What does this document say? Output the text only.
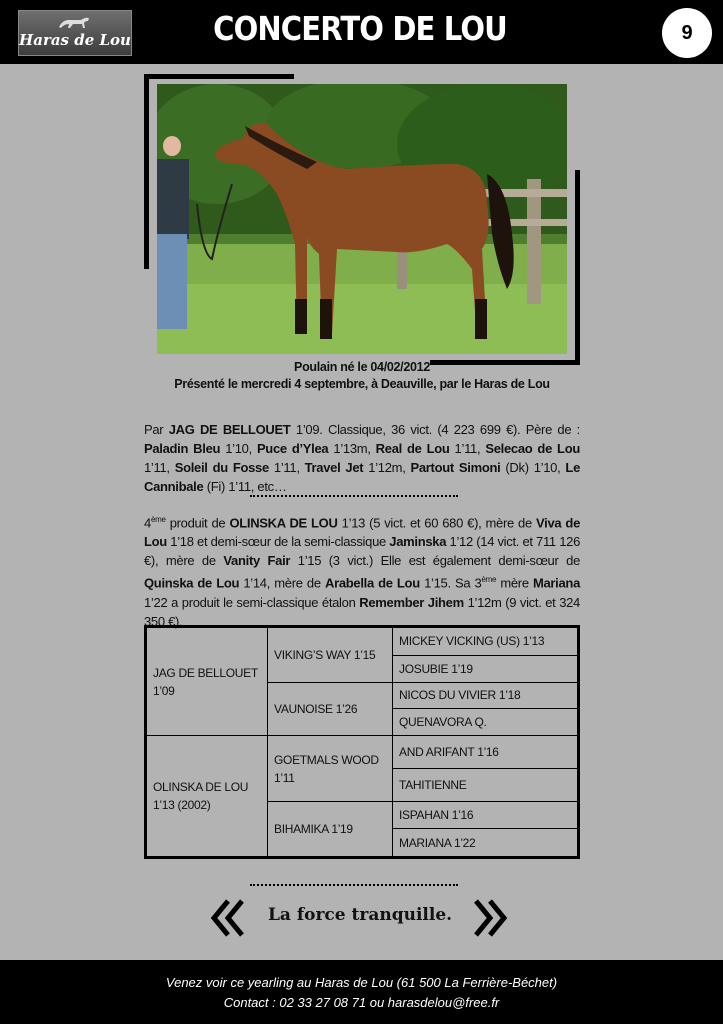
Haras de Lou	CONCERTO DE LOU	9
Poulain né le 04/02/2012
Présenté le mercredi 4 septembre, à Deauville, par le Haras de Lou
Par JAG DE BELLOUET 1’09. Classique, 36 vict. (4 223 699 €). Père de : Paladin Bleu 1’10, Puce d’Ylea 1’13m, Real de Lou 1’11, Selecao de Lou 1’11, Soleil du Fosse 1’11, Travel Jet 1’12m, Partout Simoni (Dk) 1’10, Le Cannibale (Fi) 1’11, etc…
4ème produit de OLINSKA DE LOU 1’13 (5 vict. et 60 680 €), mère de Viva de Lou 1’18 et demi-sœur de la semi-classique Jaminska 1’12 (14 vict. et 711 126 €), mère de Vanity Fair 1’15 (3 vict.) Elle est également demi-sœur de Quinska de Lou 1’14, mère de Arabella de Lou 1’15. Sa 3ème mère Mariana 1’22 a produit le semi-classique étalon Remember Jihem 1’12m (9 vict. et 324 350 €).
JAG DE BELLOUET 1’09	VIKING’S WAY 1’15	MICKEY VICKING (US) 1’13
		JOSUBIE 1’19
	VAUNOISE 1’26	NICOS DU VIVIER 1’18
		QUENAVORA Q.
OLINSKA DE LOU 1’13 (2002)	GOETMALS WOOD 1’11	AND ARIFANT 1’16
		TAHITIENNE
	BIHAMIKA 1’19	ISPAHAN 1’16
		MARIANA 1’22
La force tranquille.
Venez voir ce yearling au Haras de Lou (61 500 La Ferrière-Béchet)
Contact : 02 33 27 08 71 ou harasdelou@free.fr
